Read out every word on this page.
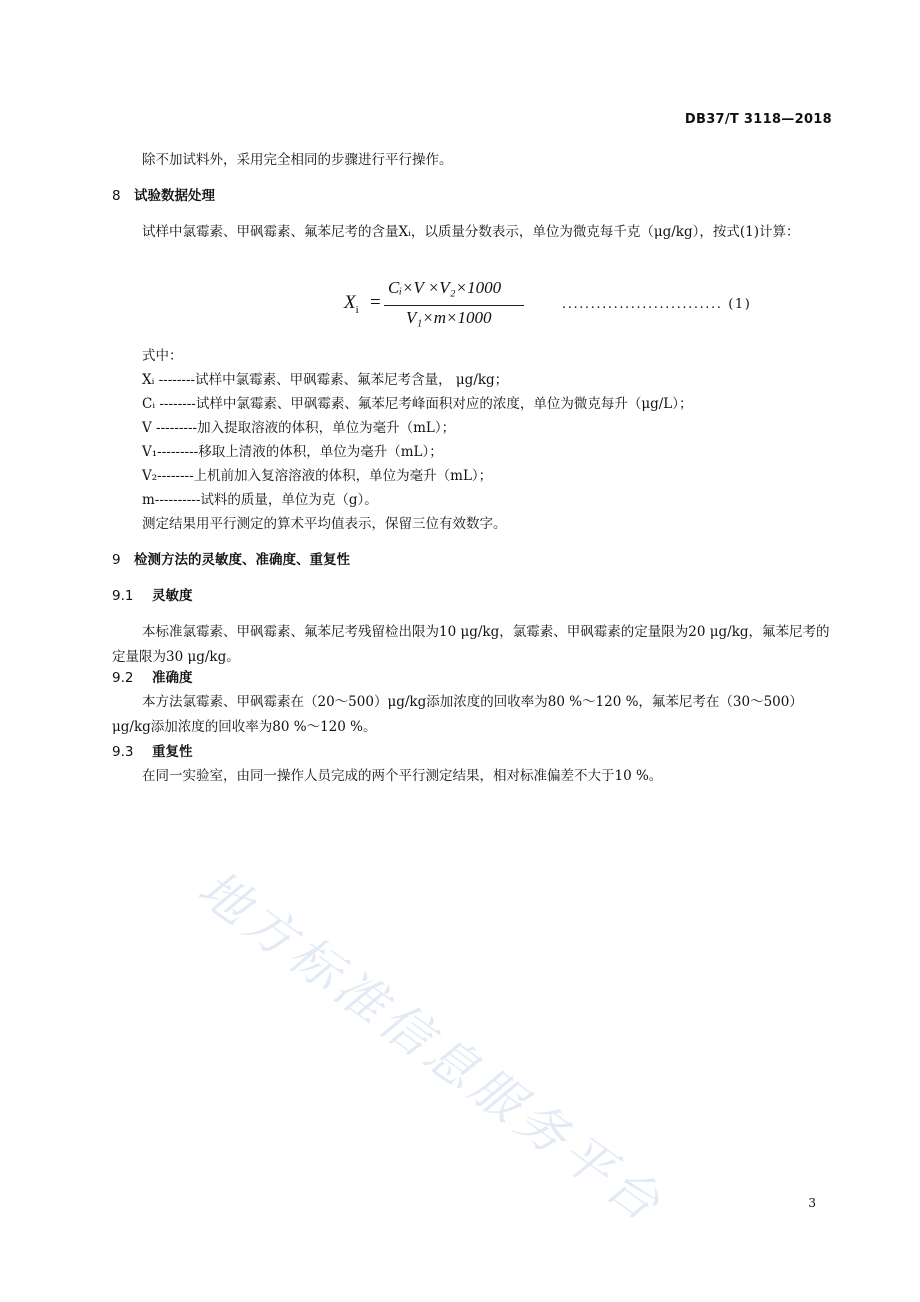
DB37/T 3118—2018
除不加试料外，采用完全相同的步骤进行平行操作。
8 试验数据处理
试样中氯霉素、甲砜霉素、氟苯尼考的含量Xᵢ，以质量分数表示，单位为微克每千克（μg/kg），按式(1)计算：
$X_i$ =
Cᵢ×V ×V₂×1000
V₁×m×1000
............................ (1)
式中：
Xᵢ --------试样中氯霉素、甲砜霉素、氟苯尼考含量， μg/kg；
Cᵢ --------试样中氯霉素、甲砜霉素、氟苯尼考峰面积对应的浓度，单位为微克每升（μg/L）；
V ---------加入提取溶液的体积，单位为毫升（mL）；
V₁---------移取上清液的体积，单位为毫升（mL）；
V₂--------上机前加入复溶溶液的体积，单位为毫升（mL）；
m----------试料的质量，单位为克（g）。
测定结果用平行测定的算术平均值表示，保留三位有效数字。
9 检测方法的灵敏度、准确度、重复性
9.1 灵敏度
本标准氯霉素、甲砜霉素、氟苯尼考残留检出限为10 μg/kg，氯霉素、甲砜霉素的定量限为20 μg/kg，氟苯尼考的定量限为30 μg/kg。
9.2 准确度
本方法氯霉素、甲砜霉素在（20～500）μg/kg添加浓度的回收率为80 %～120 %，氟苯尼考在（30～500）μg/kg添加浓度的回收率为80 %～120 %。
9.3 重复性
在同一实验室，由同一操作人员完成的两个平行测定结果，相对标准偏差不大于10 %。
地方标准信息服务平台	3
